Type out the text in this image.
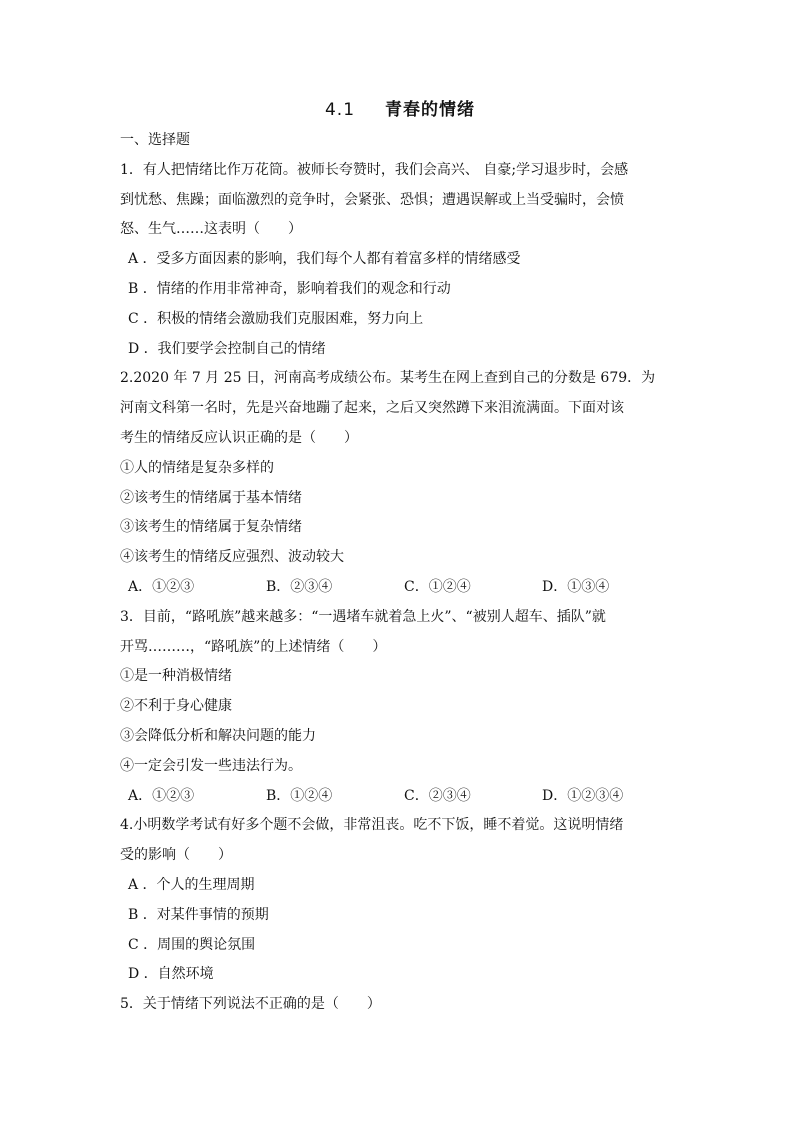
4.1 青春的情绪
一、选择题
1．有人把情绪比作万花筒。被师长夸赞时，我们会高兴、 自豪;学习退步时，会感
到忧愁、焦躁；面临激烈的竞争时，会紧张、恐惧；遭遇误解或上当受骗时，会愤
怒、生气……这表明（　　）
A ．受多方面因素的影响，我们每个人都有着富多样的情绪感受
B ．情绪的作用非常神奇，影响着我们的观念和行动
C ．积极的情绪会激励我们克服困难，努力向上
D ．我们要学会控制自己的情绪
2.2020 年 7 月 25 日，河南高考成绩公布。某考生在网上查到自己的分数是 679．为
河南文科第一名时，先是兴奋地蹦了起来，之后又突然蹲下来泪流满面。下面对该
考生的情绪反应认识正确的是（　　）
①人的情绪是复杂多样的
②该考生的情绪属于基本情绪
③该考生的情绪属于复杂情绪
④该考生的情绪反应强烈、波动较大
A．①②③	B．②③④	C．①②④	D．①③④
3．目前，“路吼族”越来越多：“一遇堵车就着急上火”、“被别人超车、插队”就
开骂………，“路吼族”的上述情绪（　　）
①是一种消极情绪
②不利于身心健康
③会降低分析和解决问题的能力
④一定会引发一些违法行为。
A．①②③	B．①②④	C．②③④	D．①②③④
4.小明数学考试有好多个题不会做，非常沮丧。吃不下饭，睡不着觉。这说明情绪
受的影响（　　）
A ．个人的生理周期
B ．对某件事情的预期
C ．周围的舆论氛围
D ．自然环境
5．关于情绪下列说法不正确的是（　　）
